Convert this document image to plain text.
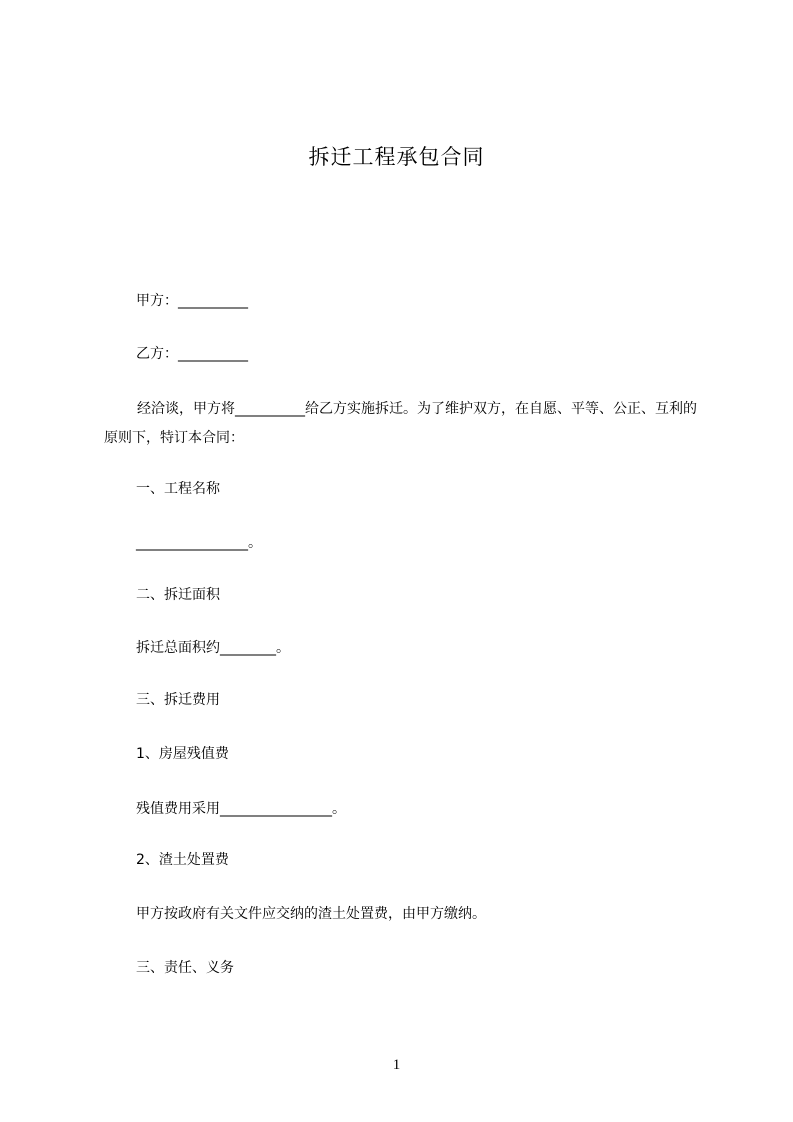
拆迁工程承包合同
甲方：__________
乙方：__________
经洽谈，甲方将__________给乙方实施拆迁。为了维护双方，在自愿、平等、公正、互利的原则下，特订本合同：
一、工程名称
________________。
二、拆迁面积
拆迁总面积约________。
三、拆迁费用
1、房屋残值费
残值费用采用________________。
2、渣土处置费
甲方按政府有关文件应交纳的渣土处置费，由甲方缴纳。
三、责任、义务
1
